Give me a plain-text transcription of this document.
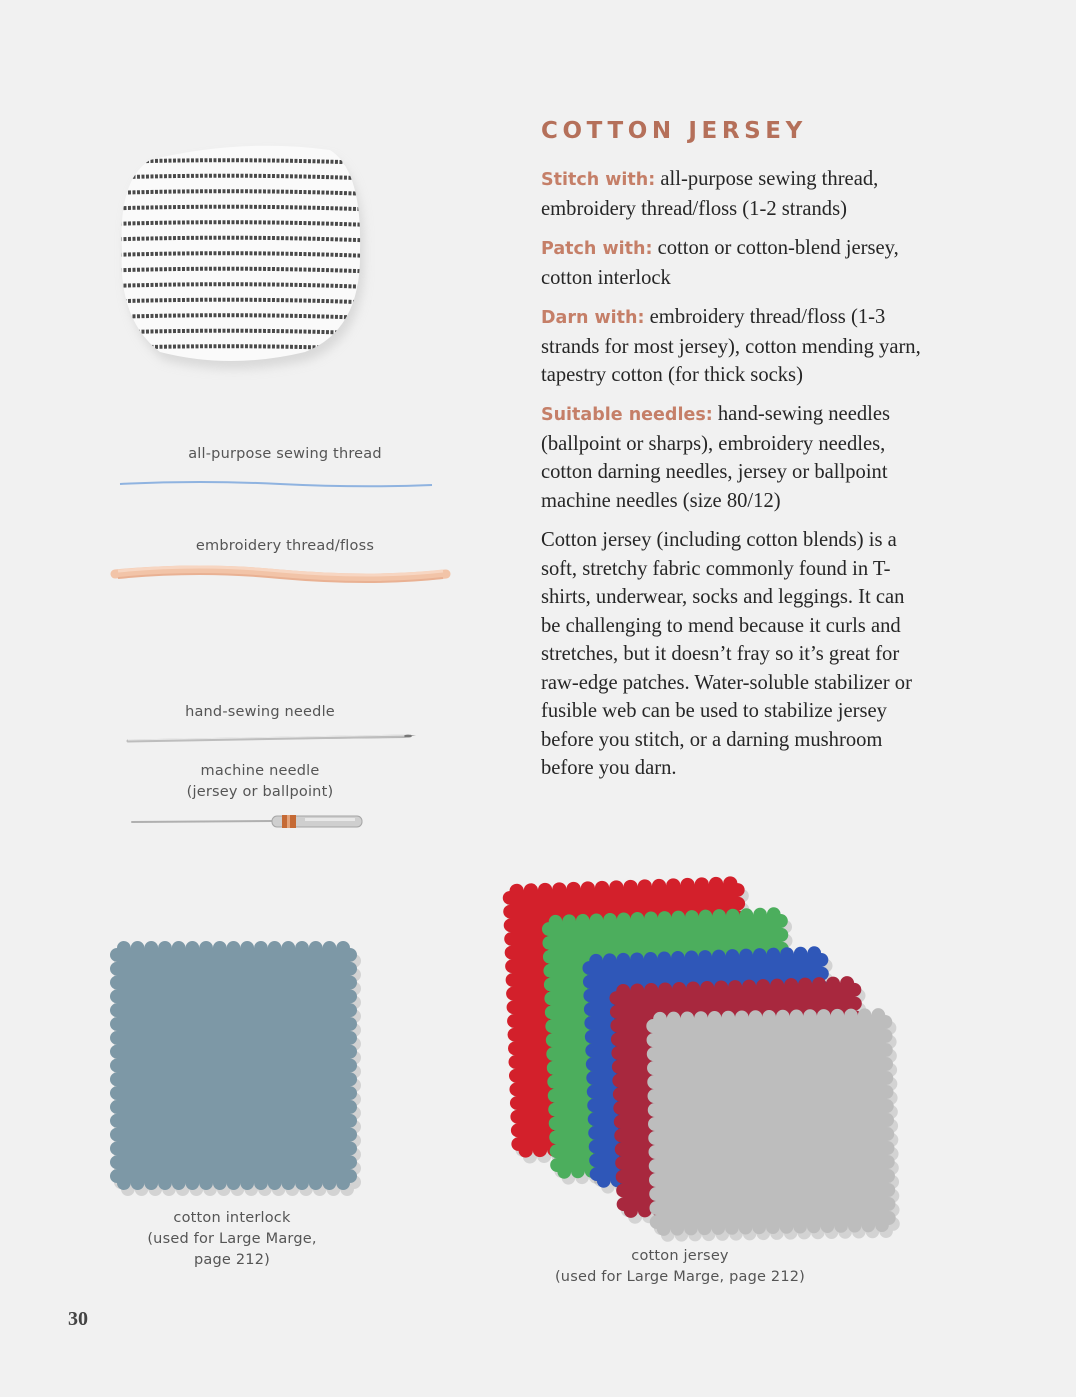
COTTON JERSEY

Stitch with: all-purpose sewing thread, embroidery thread/floss (1-2 strands)

Patch with: cotton or cotton-blend jersey, cotton interlock

Darn with: embroidery thread/floss (1-3 strands for most jersey), cotton mending yarn, tapestry cotton (for thick socks)

Suitable needles: hand-sewing needles (ballpoint or sharps), embroidery needles, cotton darning needles, jersey or ballpoint machine needles (size 80/12)

Cotton jersey (including cotton blends) is a soft, stretchy fabric commonly found in T-shirts, underwear, socks and leggings. It can be challenging to mend because it curls and stretches, but it doesn’t fray so it’s great for raw-edge patches. Water-soluble stabilizer or fusible web can be used to stabilize jersey before you stitch, or a darning mushroom before you darn.

all-purpose sewing thread
embroidery thread/floss
hand-sewing needle
machine needle
(jersey or ballpoint)
cotton interlock
(used for Large Marge,
page 212)	cotton jersey
(used for Large Marge, page 212)
30
